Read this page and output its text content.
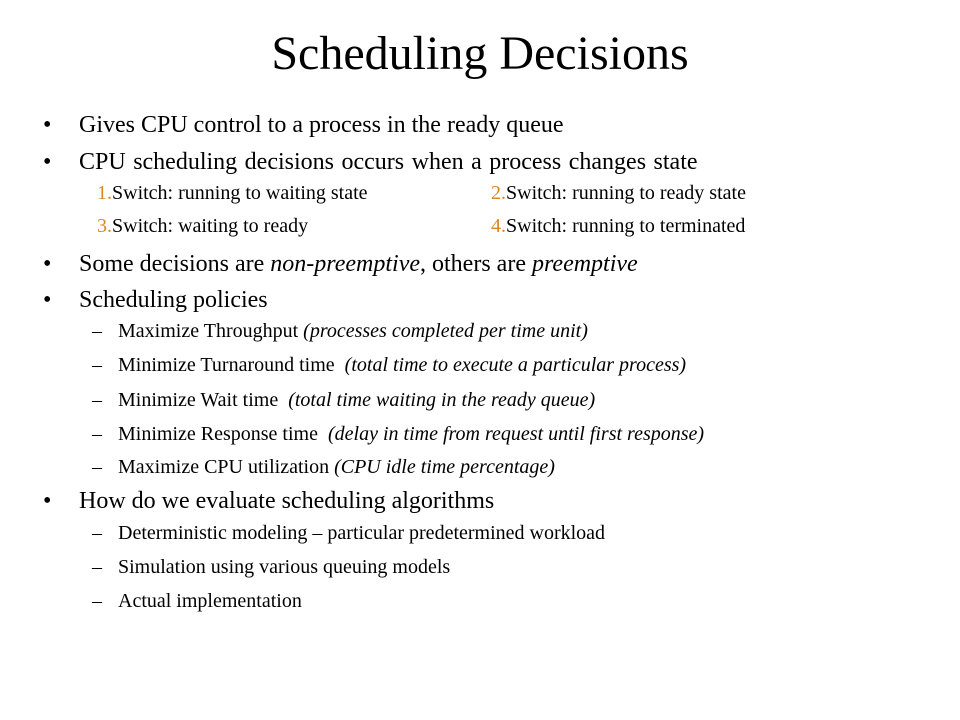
Scheduling Decisions
• Gives CPU control to a process in the ready queue
• CPU scheduling decisions occurs when a process changes state
1.Switch: running to waiting state	2.Switch: running to ready state
3.Switch: waiting to ready	4.Switch: running to terminated
• Some decisions are non-preemptive, others are preemptive
• Scheduling policies
– Maximize Throughput (processes completed per time unit)
– Minimize Turnaround time  (total time to execute a particular process)
– Minimize Wait time  (total time waiting in the ready queue)
– Minimize Response time  (delay in time from request until first response)
– Maximize CPU utilization (CPU idle time percentage)
• How do we evaluate scheduling algorithms
– Deterministic modeling – particular predetermined workload
– Simulation using various queuing models
– Actual implementation
